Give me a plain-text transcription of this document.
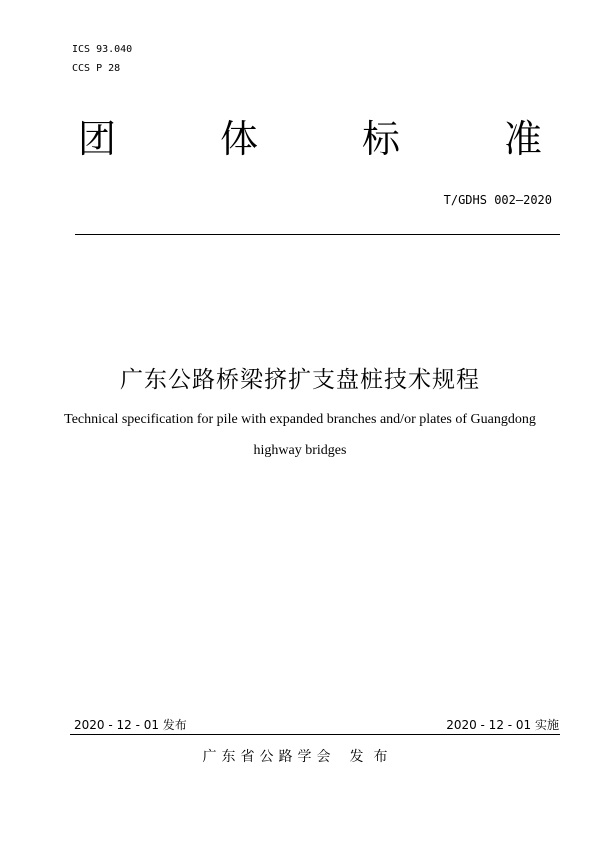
ICS 93.040
CCS P 28
团	体	标	准
T/GDHS 002—2020
广东公路桥梁挤扩支盘桩技术规程
Technical specification for pile with expanded branches and/or plates of Guangdong
highway bridges
2020 - 12 - 01 发布	2020 - 12 - 01 实施
广东省公路学会 发布
